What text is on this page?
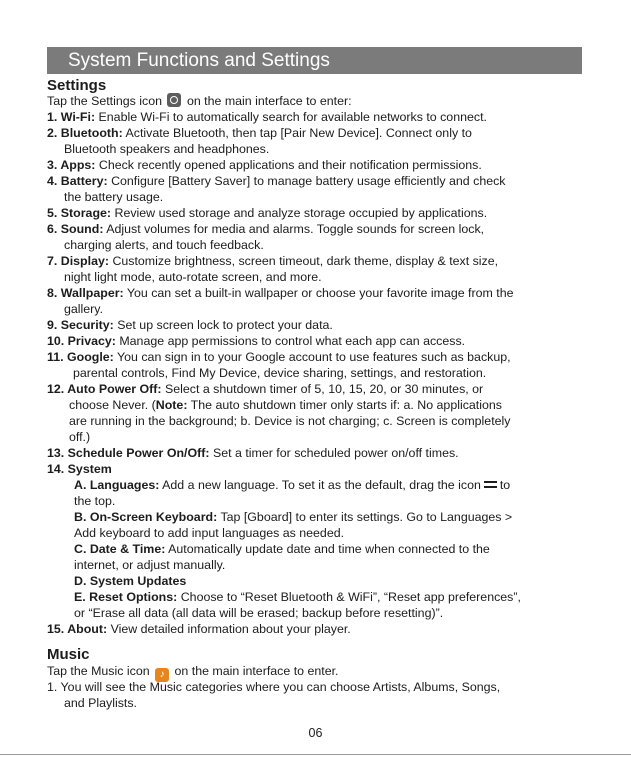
System Functions and Settings
Settings
Tap the Settings icon on the main interface to enter:
1. Wi-Fi: Enable Wi-Fi to automatically search for available networks to connect.
2. Bluetooth: Activate Bluetooth, then tap [Pair New Device]. Connect only to
Bluetooth speakers and headphones.
3. Apps: Check recently opened applications and their notification permissions.
4. Battery: Configure [Battery Saver] to manage battery usage efficiently and check
the battery usage.
5. Storage: Review used storage and analyze storage occupied by applications.
6. Sound: Adjust volumes for media and alarms. Toggle sounds for screen lock,
charging alerts, and touch feedback.
7. Display: Customize brightness, screen timeout, dark theme, display & text size,
night light mode, auto-rotate screen, and more.
8. Wallpaper: You can set a built-in wallpaper or choose your favorite image from the
gallery.
9. Security: Set up screen lock to protect your data.
10. Privacy: Manage app permissions to control what each app can access.
11. Google: You can sign in to your Google account to use features such as backup,
parental controls, Find My Device, device sharing, settings, and restoration.
12. Auto Power Off: Select a shutdown timer of 5, 10, 15, 20, or 30 minutes, or
choose Never. (Note: The auto shutdown timer only starts if: a. No applications
are running in the background; b. Device is not charging; c. Screen is completely
off.)
13. Schedule Power On/Off: Set a timer for scheduled power on/off times.
14. System
A. Languages: Add a new language. To set it as the default, drag the icon to
the top.
B. On-Screen Keyboard: Tap [Gboard] to enter its settings. Go to Languages >
Add keyboard to add input languages as needed.
C. Date & Time: Automatically update date and time when connected to the
internet, or adjust manually.
D. System Updates
E. Reset Options: Choose to “Reset Bluetooth & WiFi”, “Reset app preferences”,
or “Erase all data (all data will be erased; backup before resetting)”.
15. About: View detailed information about your player.
Music
Tap the Music icon ♪ on the main interface to enter.
1. You will see the Music categories where you can choose Artists, Albums, Songs,
and Playlists.
06
